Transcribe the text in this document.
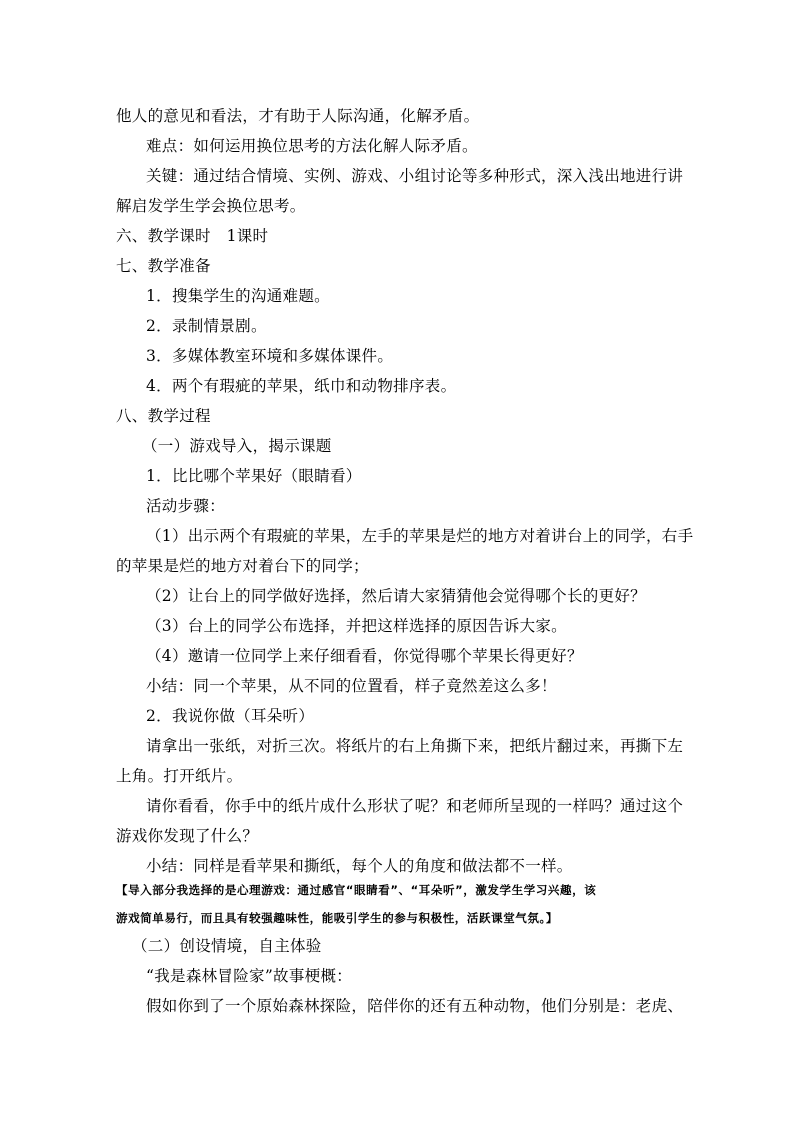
他人的意见和看法，才有助于人际沟通，化解矛盾。
难点：如何运用换位思考的方法化解人际矛盾。
关键：通过结合情境、实例、游戏、小组讨论等多种形式，深入浅出地进行讲
解启发学生学会换位思考。
六、教学课时　1课时
七、教学准备
1．搜集学生的沟通难题。
2．录制情景剧。
3．多媒体教室环境和多媒体课件。
4．两个有瑕疵的苹果，纸巾和动物排序表。
八、教学过程
（一）游戏导入，揭示课题
1．比比哪个苹果好（眼睛看）
活动步骤：
（1）出示两个有瑕疵的苹果，左手的苹果是烂的地方对着讲台上的同学，右手
的苹果是烂的地方对着台下的同学；
（2）让台上的同学做好选择，然后请大家猜猜他会觉得哪个长的更好？
（3）台上的同学公布选择，并把这样选择的原因告诉大家。
（4）邀请一位同学上来仔细看看，你觉得哪个苹果长得更好？
小结：同一个苹果，从不同的位置看，样子竟然差这么多！
2．我说你做（耳朵听）
请拿出一张纸，对折三次。将纸片的右上角撕下来，把纸片翻过来，再撕下左
上角。打开纸片。
请你看看，你手中的纸片成什么形状了呢？和老师所呈现的一样吗？通过这个
游戏你发现了什么？
小结：同样是看苹果和撕纸，每个人的角度和做法都不一样。
【导入部分我选择的是心理游戏：通过感官“眼睛看”、“耳朵听”，激发学生学习兴趣，该
游戏简单易行，而且具有较强趣味性，能吸引学生的参与积极性，活跃课堂气氛。】
（二）创设情境，自主体验
“我是森林冒险家”故事梗概：
假如你到了一个原始森林探险，陪伴你的还有五种动物，他们分别是：老虎、
